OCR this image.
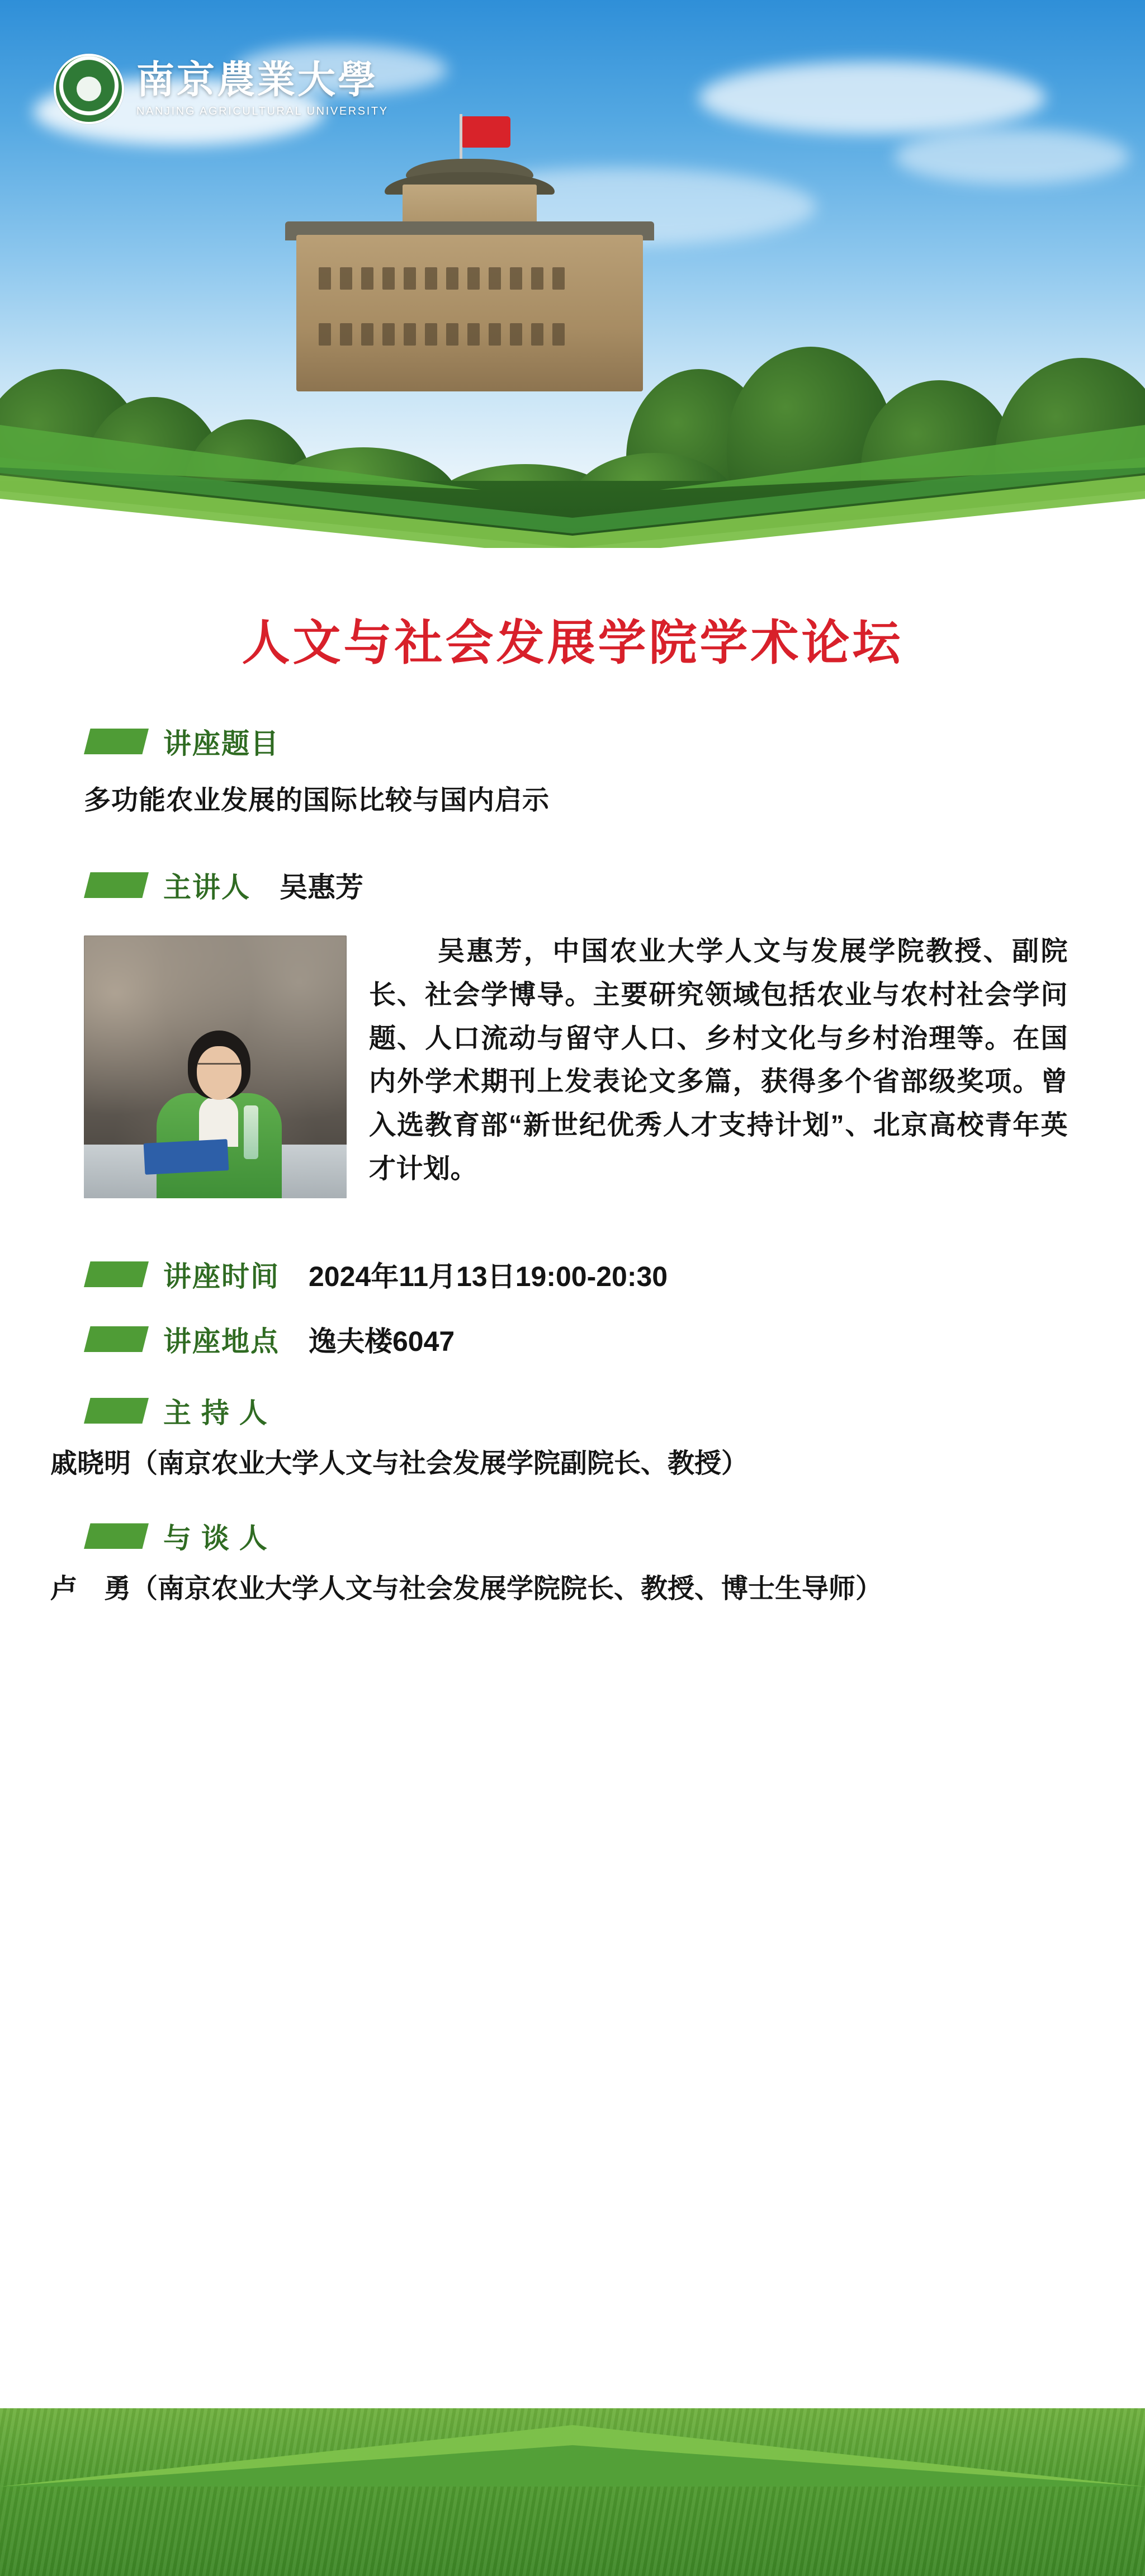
南京農業大學
NANJING AGRICULTURAL UNIVERSITY
人文与社会发展学院学术论坛
讲座题目
多功能农业发展的国际比较与国内启示
主讲人 吴惠芳
吴惠芳，中国农业大学人文与发展学院教授、副院长、社会学博导。主要研究领域包括农业与农村社会学问题、人口流动与留守人口、乡村文化与乡村治理等。在国内外学术期刊上发表论文多篇，获得多个省部级奖项。曾入选教育部“新世纪优秀人才支持计划”、北京高校青年英才计划。
讲座时间 2024年11月13日19:00-20:30
讲座地点 逸夫楼6047
主 持 人
戚晓明（南京农业大学人文与社会发展学院副院长、教授）
与 谈 人
卢　勇（南京农业大学人文与社会发展学院院长、教授、博士生导师）
